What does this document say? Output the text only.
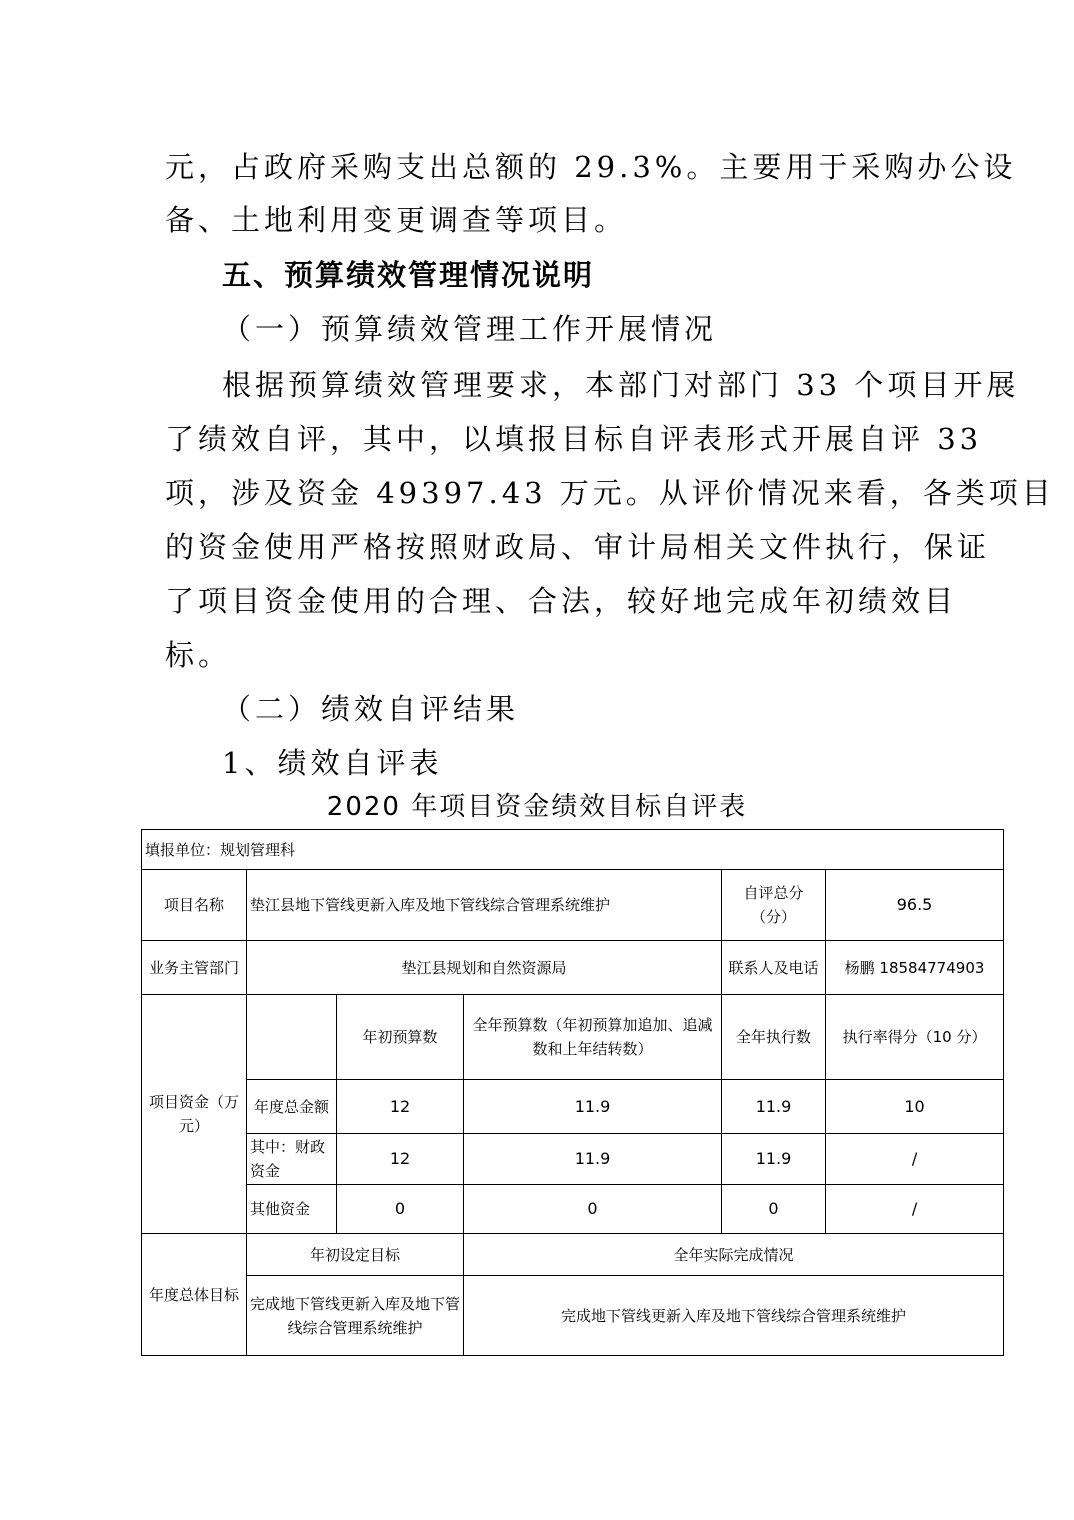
元，占政府采购支出总额的 29.3%。主要用于采购办公设
备、土地利用变更调查等项目。
五、预算绩效管理情况说明
（一）预算绩效管理工作开展情况
根据预算绩效管理要求，本部门对部门 33 个项目开展
了绩效自评，其中，以填报目标自评表形式开展自评 33
项，涉及资金 49397.43 万元。从评价情况来看，各类项目
的资金使用严格按照财政局、审计局相关文件执行，保证
了项目资金使用的合理、合法，较好地完成年初绩效目
标。
（二）绩效自评结果
1、绩效自评表
2020 年项目资金绩效目标自评表
填报单位：规划管理科					
项目名称	垫江县地下管线更新入库及地下管线综合管理系统维护			自评总分（分）	96.5
业务主管部门	垫江县规划和自然资源局			联系人及电话	杨鹏 18584774903
项目资金（万元）		年初预算数	全年预算数（年初预算加追加、追减数和上年结转数）	全年执行数	执行率得分（10 分）
	年度总金额	12	11.9	11.9	10
	其中：财政资金	12	11.9	11.9	/
	其他资金	0	0	0	/
年度总体目标	年初设定目标		全年实际完成情况		
	完成地下管线更新入库及地下管线综合管理系统维护		完成地下管线更新入库及地下管线综合管理系统维护		
